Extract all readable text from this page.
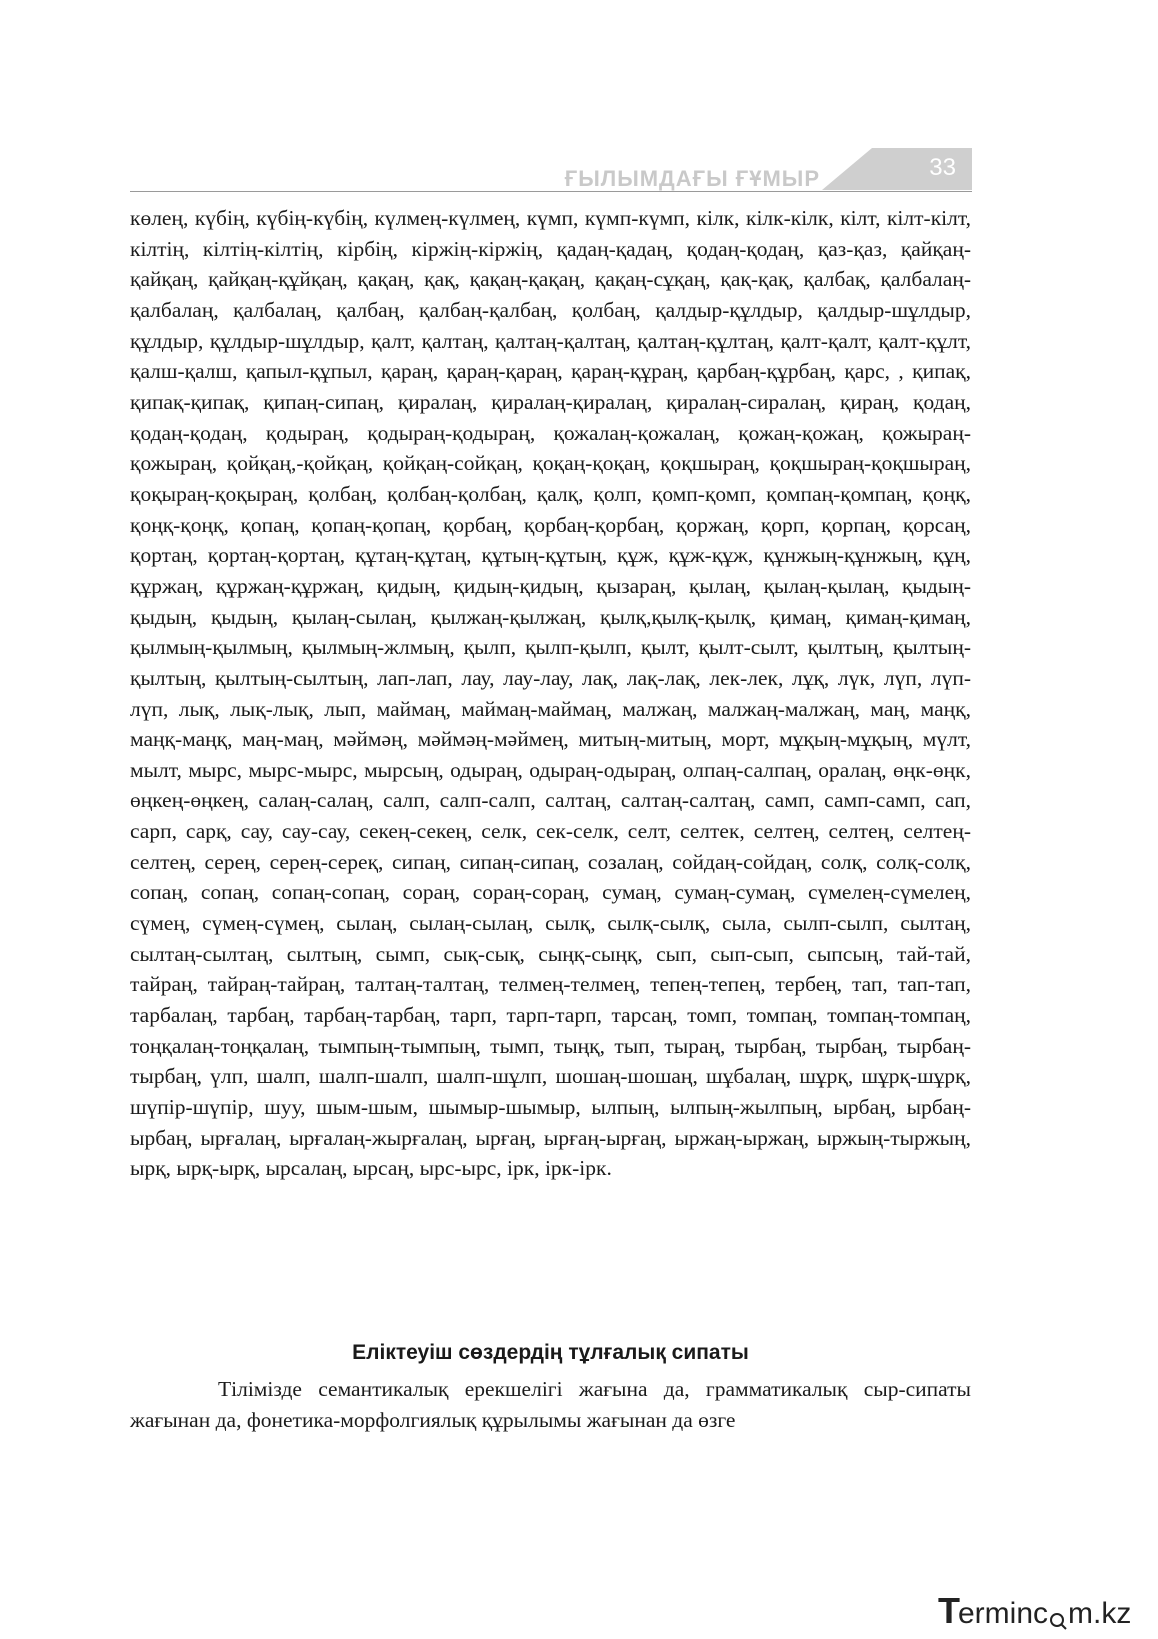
ҒЫЛЫМДАҒЫ ҒҰМЫР	33
көлең, күбің, күбің-күбің, күлмең-күлмең, күмп, күмп-күмп, кілк, кілк-кілк, кілт, кілт-кілт, кілтің, кілтің-кілтің, кірбің, кіржің-кіржің, қадаң-қадаң, қодаң-қодаң, қаз-қаз, қайқаң-қайқаң, қайқаң-құйқаң, қақаң, қақ, қақаң-қақаң, қақаң-сұқаң, қақ-қақ, қалбақ, қалбалаң-қалбалаң, қалбалаң, қалбаң, қалбаң-қалбаң, қолбаң, қалдыр-құлдыр, қалдыр-шұлдыр, құлдыр, құлдыр-шұлдыр, қалт, қалтаң, қалтаң-қалтаң, қалтаң-құлтаң, қалт-қалт, қалт-құлт, қалш-қалш, қапыл-құпыл, қараң, қараң-қараң, қараң-құраң, қарбаң-құрбаң, қарс, , қипақ, қипақ-қипақ, қипаң-сипаң, қиралаң, қиралаң-қиралаң, қиралаң-сиралаң, қираң, қодаң, қодаң-қодаң, қодыраң, қодыраң-қодыраң, қожалаң-қожалаң, қожаң-қожаң, қожыраң-қожыраң, қойқаң,-қойқаң, қойқаң-сойқаң, қоқаң-қоқаң, қоқшыраң, қоқшыраң-қоқшыраң, қоқыраң-қоқыраң, қолбаң, қолбаң-қолбаң, қалқ, қолп, қомп-қомп, қомпаң-қомпаң, қоңқ, қоңқ-қоңқ, қопаң, қопаң-қопаң, қорбаң, қорбаң-қорбаң, қоржаң, қорп, қорпаң, қорсаң, қортаң, қортаң-қортаң, құтаң-құтаң, құтың-құтың, құж, құж-құж, құнжың-құнжың, құң, құржаң, құржаң-құржаң, қидың, қидың-қидың, қызараң, қылаң, қылаң-қылаң, қыдың-қыдың, қыдың, қылаң-сылаң, қылжаң-қылжаң, қылқ,қылқ-қылқ, қимаң, қимаң-қимаң, қылмың-қылмың, қылмың-жлмың, қылп, қылп-қылп, қылт, қылт-сылт, қылтың, қылтың-қылтың, қылтың-сылтың, лап-лап, лау, лау-лау, лақ, лақ-лақ, лек-лек, лұқ, лүк, лүп, лүп-лүп, лық, лық-лық, лып, маймаң, маймаң-маймаң, малжаң, малжаң-малжаң, маң, маңқ, маңқ-маңқ, маң-маң, мәймәң, мәймәң-мәймең, митың-митың, морт, мұқың-мұқың, мүлт, мылт, мырс, мырс-мырс, мырсың, одыраң, одыраң-одыраң, олпаң-салпаң, оралаң, өңк-өңк, өңкең-өңкең, салаң-салаң, салп, салп-салп, салтаң, салтаң-салтаң, самп, самп-самп, сап, сарп, сарқ, сау, сау-сау, секең-секең, селк, сек-селк, селт, селтек, селтең, селтең, селтең-селтең, серең, серең-сереқ, сипаң, сипаң-сипаң, созалаң, сойдаң-сойдаң, солқ, солқ-солқ, сопаң, сопаң, сопаң-сопаң, сораң, сораң-сораң, сумаң, сумаң-сумаң, сүмелең-сүмелең, сүмең, сүмең-сүмең, сылаң, сылаң-сылаң, сылқ, сылқ-сылқ, сыла, сылп-сылп, сылтаң, сылтаң-сылтаң, сылтың, сымп, сық-сық, сыңқ-сыңқ, сып, сып-сып, сыпсың, тай-тай, тайраң, тайраң-тайраң, талтаң-талтаң, телмең-телмең, тепең-тепең, тербең, тап, тап-тап, тарбалаң, тарбаң, тарбаң-тарбаң, тарп, тарп-тарп, тарсаң, томп, томпаң, томпаң-томпаң, тоңқалаң-тоңқалаң, тымпың-тымпың, тымп, тыңқ, тып, тыраң, тырбаң, тырбаң, тырбаң-тырбаң, үлп, шалп, шалп-шалп, шалп-шұлп, шошаң-шошаң, шұбалаң, шұрқ, шұрқ-шұрқ, шүпір-шүпір, шуу, шым-шым, шымыр-шымыр, ылпың, ылпың-жылпың, ырбаң, ырбаң-ырбаң, ырғалаң, ырғалаң-жырғалаң, ырғаң, ырғаң-ырғаң, ыржаң-ыржаң, ыржың-тыржың, ырқ, ырқ-ырқ, ырсалаң, ырсаң, ырс-ырс, ірк, ірк-ірк.
Еліктеуіш сөздердің тұлғалық сипаты
Тілімізде семантикалық ерекшелігі жағына да, грамматикалық сыр-сипаты жағынан да, фонетика-морфолгиялық құрылымы жағынан да өзге
Terminc m.kz
